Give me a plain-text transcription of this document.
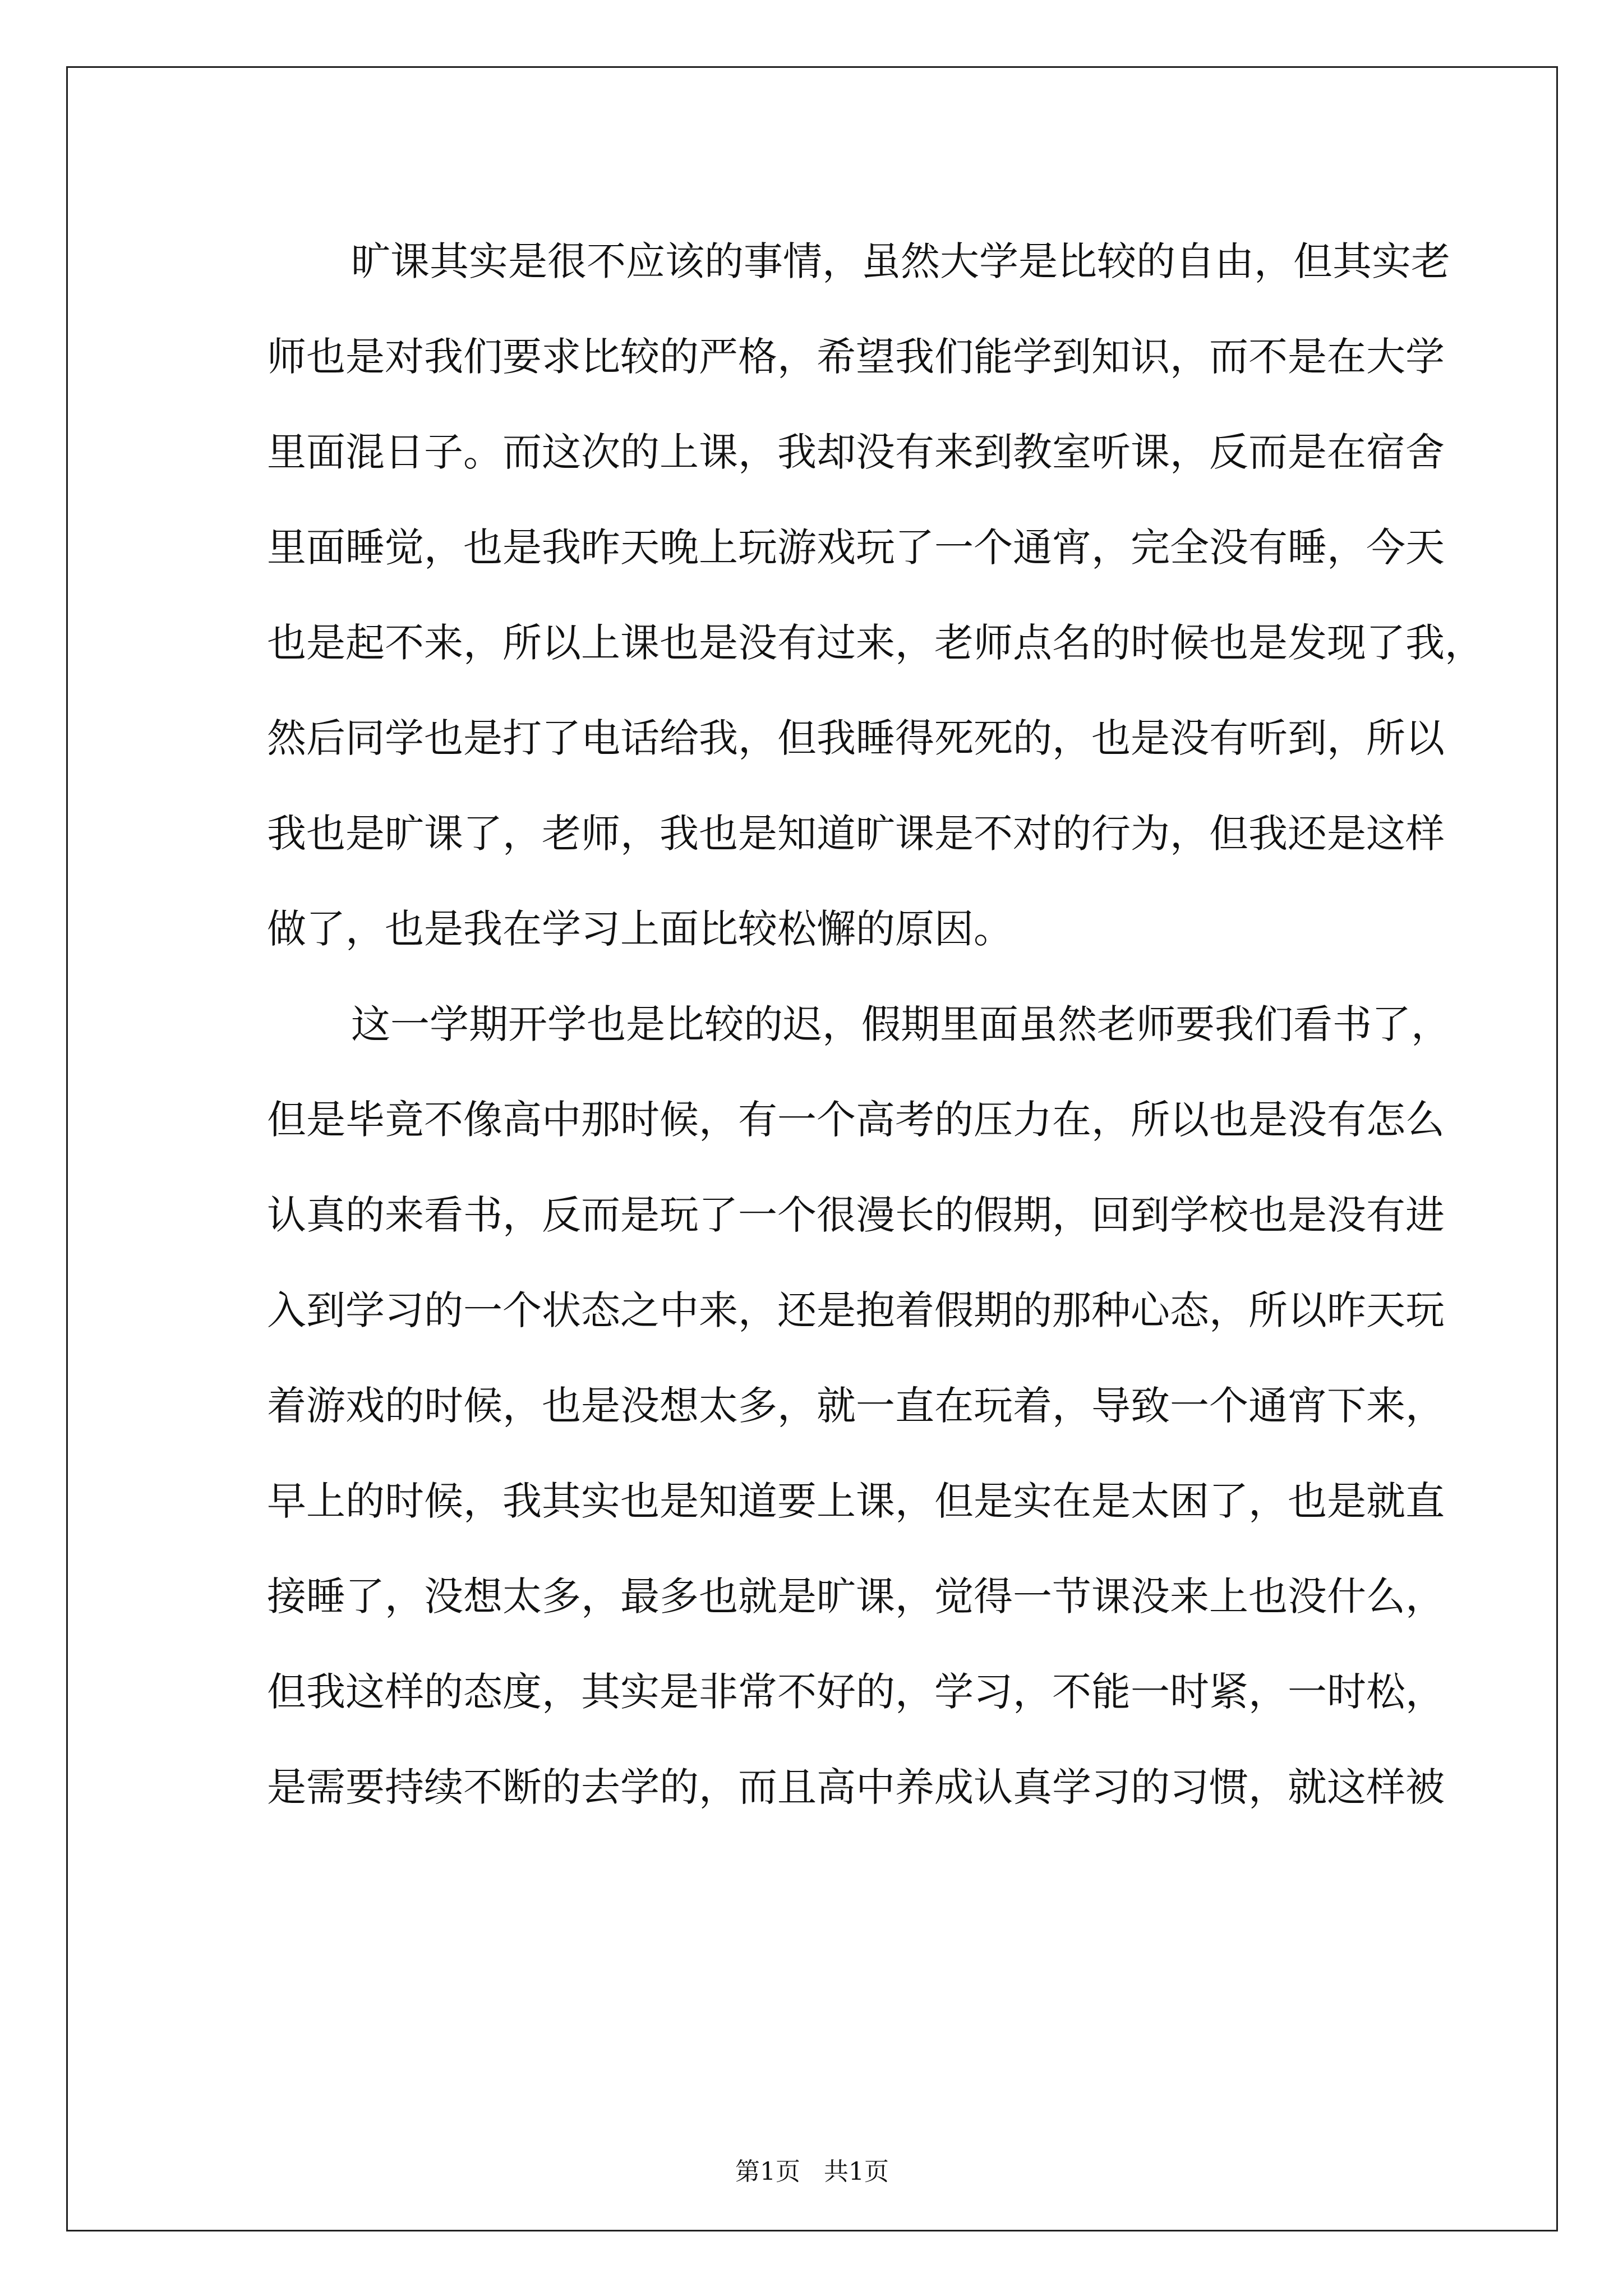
旷课其实是很不应该的事情，虽然大学是比较的自由，但其实老
师也是对我们要求比较的严格，希望我们能学到知识，而不是在大学
里面混日子。而这次的上课，我却没有来到教室听课，反而是在宿舍
里面睡觉，也是我昨天晚上玩游戏玩了一个通宵，完全没有睡，今天
也是起不来，所以上课也是没有过来，老师点名的时候也是发现了我，
然后同学也是打了电话给我，但我睡得死死的，也是没有听到，所以
我也是旷课了，老师，我也是知道旷课是不对的行为，但我还是这样
做了，也是我在学习上面比较松懈的原因。
这一学期开学也是比较的迟，假期里面虽然老师要我们看书了，
但是毕竟不像高中那时候，有一个高考的压力在，所以也是没有怎么
认真的来看书，反而是玩了一个很漫长的假期，回到学校也是没有进
入到学习的一个状态之中来，还是抱着假期的那种心态，所以昨天玩
着游戏的时候，也是没想太多，就一直在玩着，导致一个通宵下来，
早上的时候，我其实也是知道要上课，但是实在是太困了，也是就直
接睡了，没想太多，最多也就是旷课，觉得一节课没来上也没什么，
但我这样的态度，其实是非常不好的，学习，不能一时紧，一时松，
是需要持续不断的去学的，而且高中养成认真学习的习惯，就这样被
第1页   共1页
